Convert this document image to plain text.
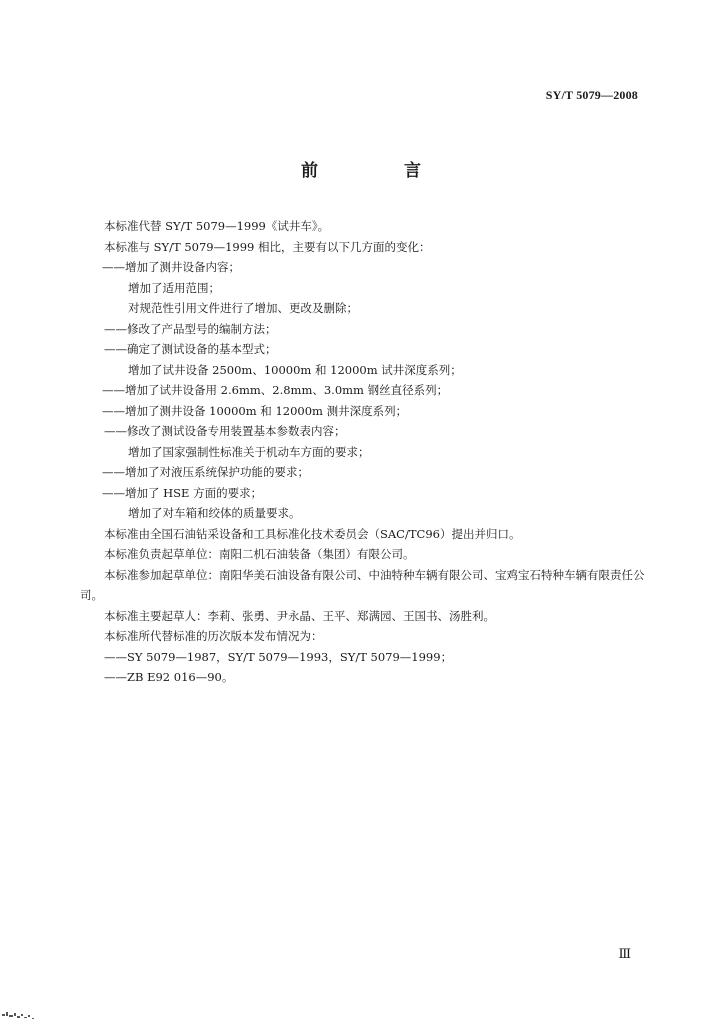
SY/T 5079—2008
前 言

本标准代替 SY/T 5079—1999《试井车》。

本标准与 SY/T 5079—1999 相比，主要有以下几方面的变化：

——增加了测井设备内容；

增加了适用范围；

对规范性引用文件进行了增加、更改及删除；

——修改了产品型号的编制方法；

——确定了测试设备的基本型式；

增加了试井设备 2500m、10000m 和 12000m 试井深度系列；

——增加了试井设备用 2.6mm、2.8mm、3.0mm 钢丝直径系列；

——增加了测井设备 10000m 和 12000m 测井深度系列；

——修改了测试设备专用装置基本参数表内容；

增加了国家强制性标准关于机动车方面的要求；

——增加了对液压系统保护功能的要求；

——增加了 HSE 方面的要求；

增加了对车箱和绞体的质量要求。

本标准由全国石油钻采设备和工具标准化技术委员会（SAC/TC96）提出并归口。

本标准负责起草单位：南阳二机石油装备（集团）有限公司。

本标准参加起草单位：南阳华美石油设备有限公司、中油特种车辆有限公司、宝鸡宝石特种车辆有限责任公司。

本标准主要起草人：李莉、张勇、尹永晶、王平、郑满园、王国书、汤胜利。

本标准所代替标准的历次版本发布情况为：

——SY 5079—1987，SY/T 5079—1993，SY/T 5079—1999；

——ZB E92 016—90。

Ⅲ
